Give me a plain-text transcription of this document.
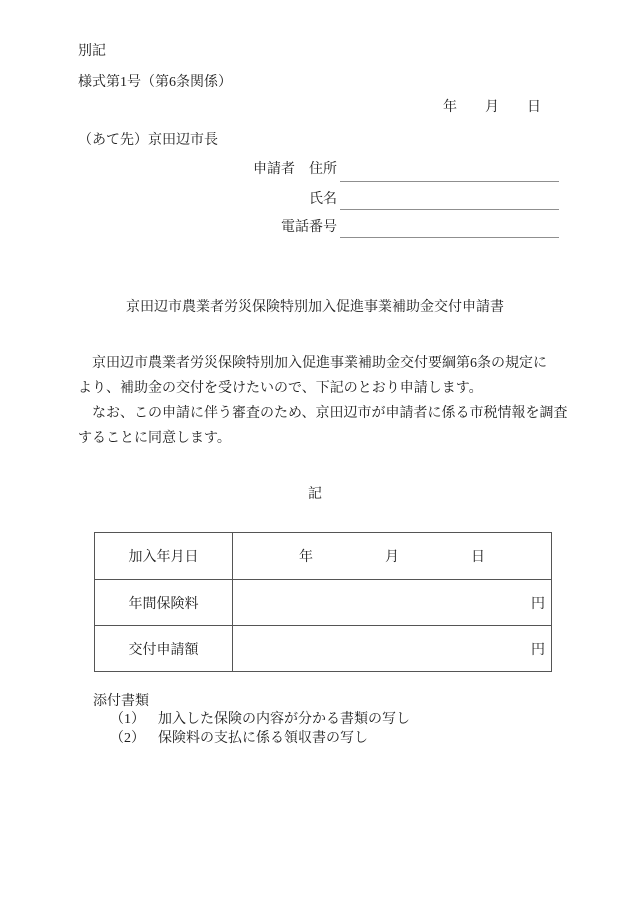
別記
様式第1号（第6条関係）
年 月 日
（あて先）京田辺市長
申請者　住所
氏名
電話番号
京田辺市農業者労災保険特別加入促進事業補助金交付申請書
　京田辺市農業者労災保険特別加入促進事業補助金交付要綱第6条の規定に
より、補助金の交付を受けたいので、下記のとおり申請します。
　なお、この申請に伴う審査のため、京田辺市が申請者に係る市税情報を調査
することに同意します。
記
加入年月日	年	月	日
年間保険料	円
交付申請額	円
添付書類
（1） 加入した保険の内容が分かる書類の写し
（2） 保険料の支払に係る領収書の写し
